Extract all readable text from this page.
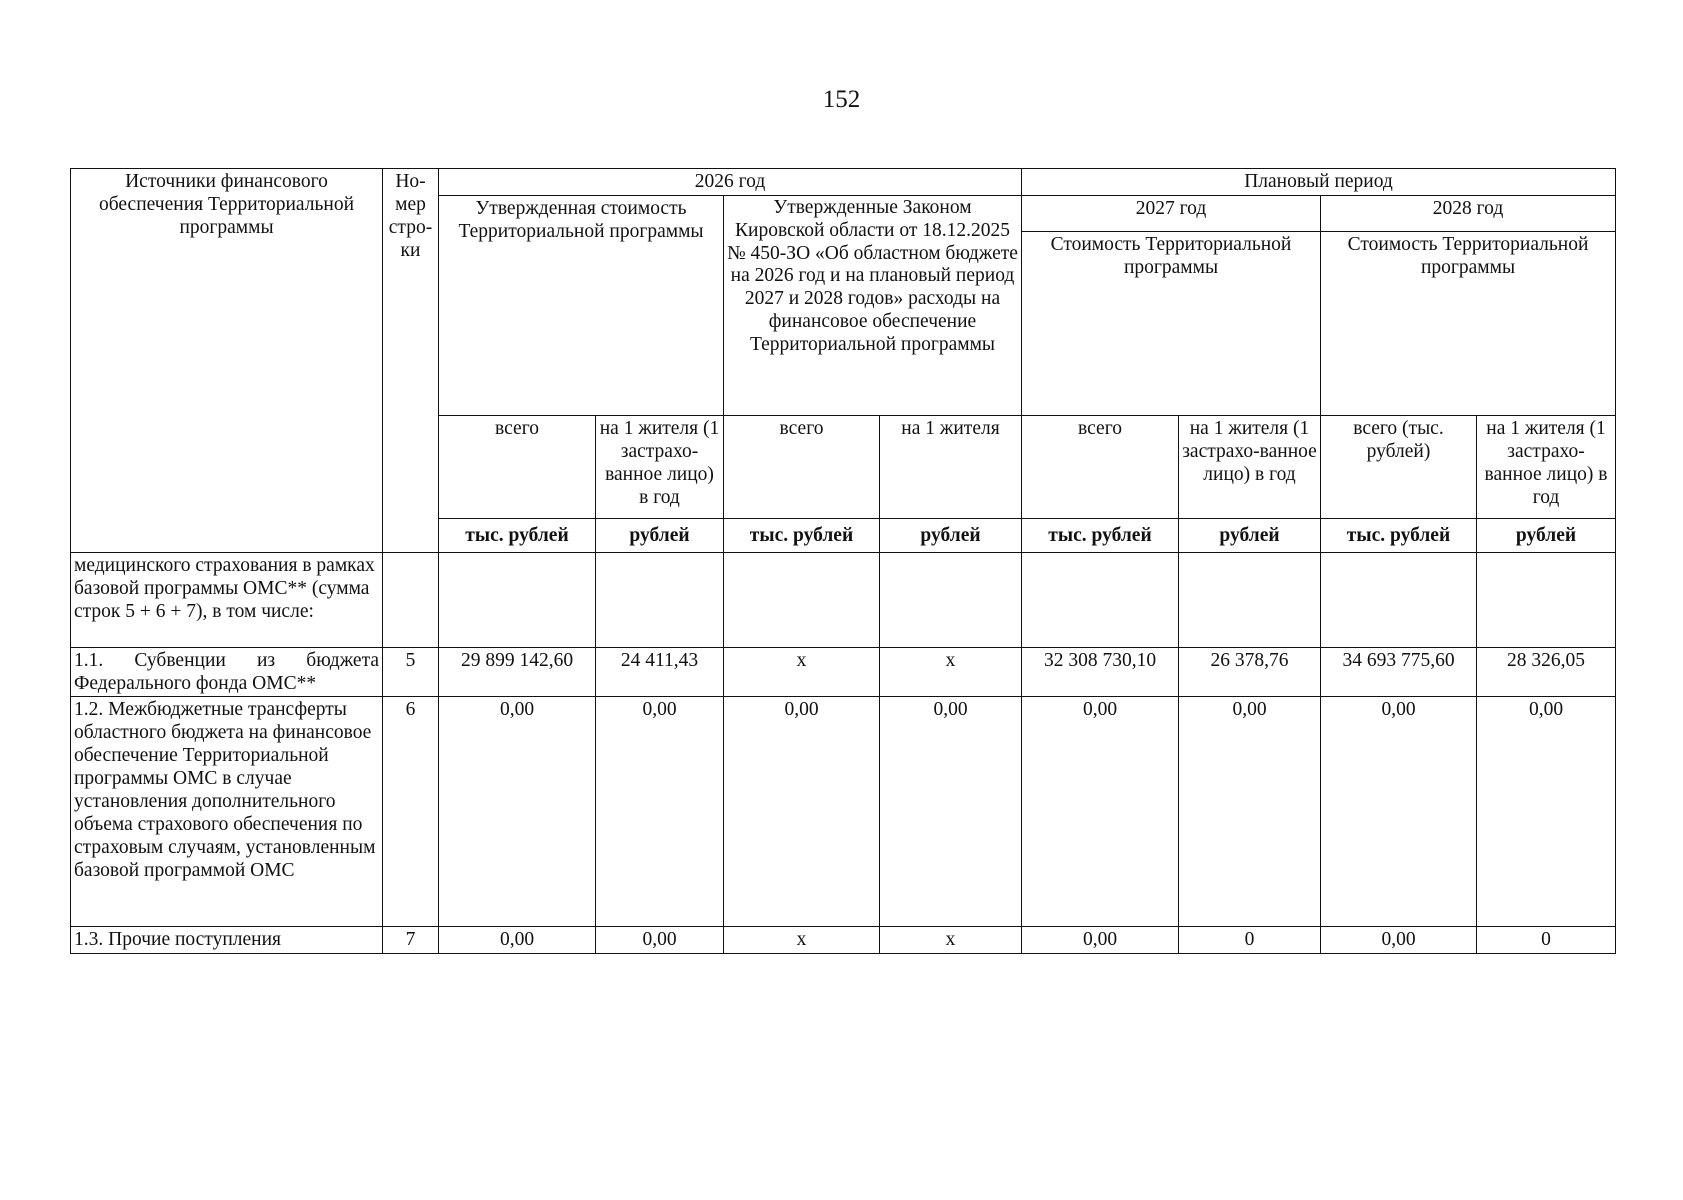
152
Источники финансового обеспечения Территориальной программы	Но-мер стро-ки	2026 год				Плановый период			
		Утвержденная стоимость Территориальной программы		Утвержденные Законом Кировской области от 18.12.2025 № 450-ЗО «Об областном бюджете на 2026 год и на плановый период 2027 и 2028 годов» расходы на финансовое обеспечение Территориальной программы		2027 год		2028 год	
						Стоимость Территориальной программы		Стоимость Территориальной программы	
		всего	на 1 жителя (1 застрахо-ванное лицо) в год	всего	на 1 жителя	всего	на 1 жителя (1 застрахо-ванное лицо) в год	всего (тыс. рублей)	на 1 жителя (1 застрахо-ванное лицо) в год
		тыс. рублей	рублей	тыс. рублей	рублей	тыс. рублей	рублей	тыс. рублей	рублей
медицинского страхования в рамках базовой программы ОМС** (сумма строк 5 + 6 + 7), в том числе:									
1.1. Субвенции из бюджета Федерального фонда ОМС**	5	29 899 142,60	24 411,43	х	х	32 308 730,10	26 378,76	34 693 775,60	28 326,05
1.2. Межбюджетные трансферты областного бюджета на финансовое обеспечение Территориальной программы ОМС в случае установления дополнительного объема страхового обеспечения по страховым случаям, установленным базовой программой ОМС	6	0,00	0,00	0,00	0,00	0,00	0,00	0,00	0,00
1.3. Прочие поступления	7	0,00	0,00	х	х	0,00	0	0,00	0
